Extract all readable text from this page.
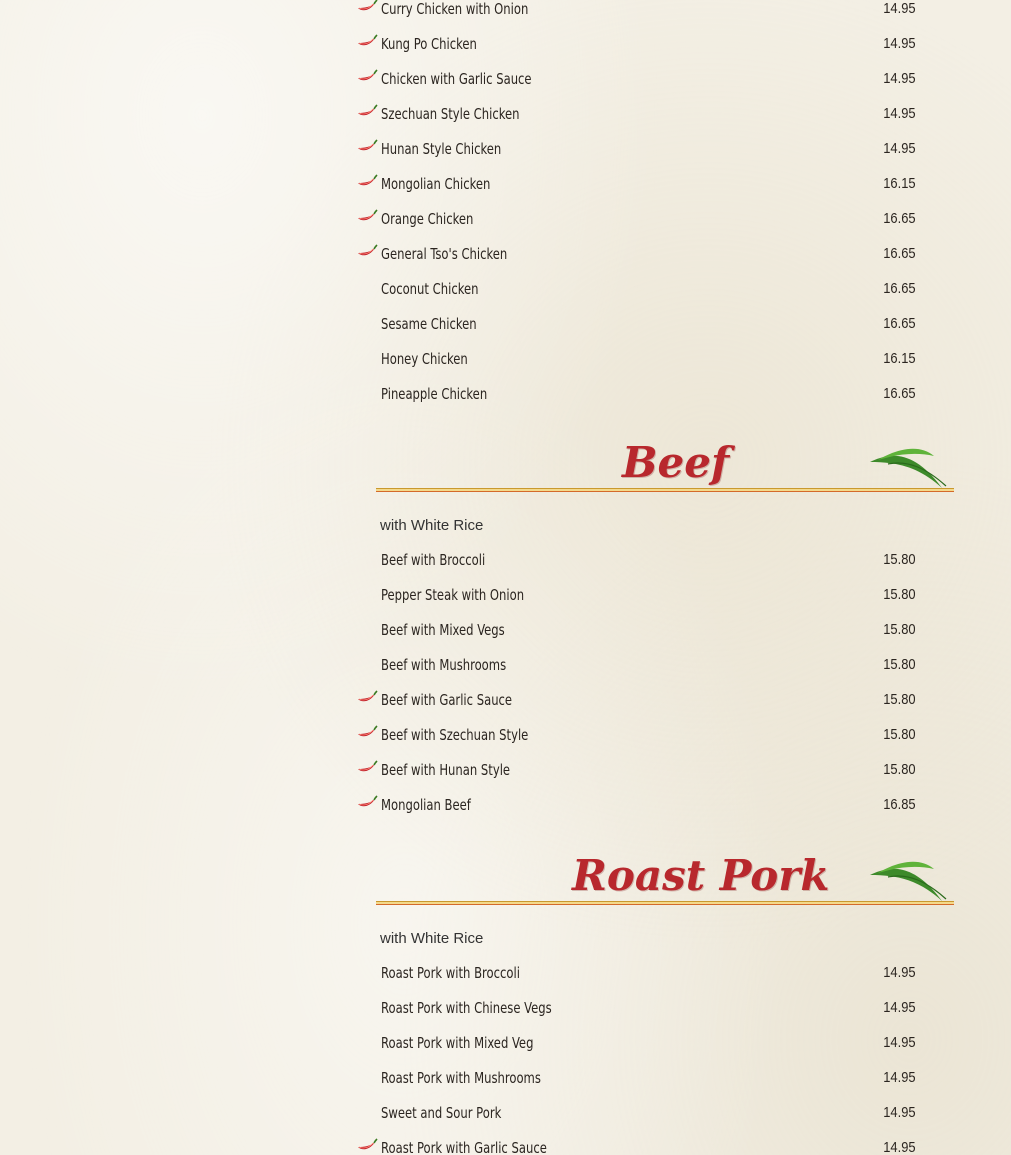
Curry Chicken with Onion	14.95
Kung Po Chicken	14.95
Chicken with Garlic Sauce	14.95
Szechuan Style Chicken	14.95
Hunan Style Chicken	14.95
Mongolian Chicken	16.15
Orange Chicken	16.65
General Tso's Chicken	16.65
Coconut Chicken	16.65
Sesame Chicken	16.65
Honey Chicken	16.15
Pineapple Chicken	16.65
Beef
with White Rice
Beef with Broccoli	15.80
Pepper Steak with Onion	15.80
Beef with Mixed Vegs	15.80
Beef with Mushrooms	15.80
Beef with Garlic Sauce	15.80
Beef with Szechuan Style	15.80
Beef with Hunan Style	15.80
Mongolian Beef	16.85
Roast Pork
with White Rice
Roast Pork with Broccoli	14.95
Roast Pork with Chinese Vegs	14.95
Roast Pork with Mixed Veg	14.95
Roast Pork with Mushrooms	14.95
Sweet and Sour Pork	14.95
Roast Pork with Garlic Sauce	14.95
